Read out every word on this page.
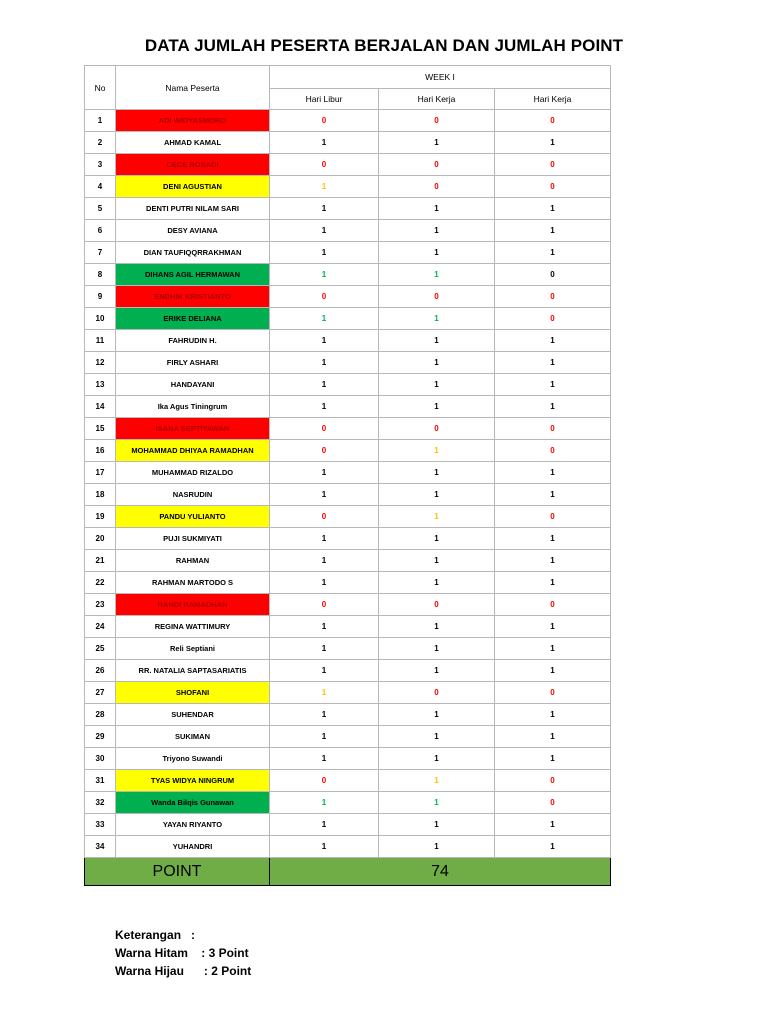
DATA JUMLAH PESERTA BERJALAN DAN JUMLAH POINT
No	Nama Peserta	WEEK I		
		Hari Libur	Hari Kerja	Hari Kerja
1	ADI WIDYASMORO	0	0	0
2	AHMAD KAMAL	1	1	1
3	CECE ROSADI	0	0	0
4	DENI AGUSTIAN	1	0	0
5	DENTI PUTRI NILAM SARI	1	1	1
6	DESY AVIANA	1	1	1
7	DIAN TAUFIQQRRAKHMAN	1	1	1
8	DIHANS AGIL HERMAWAN	1	1	0
9	ENDHIK KRISTIANTO	0	0	0
10	ERIKE DELIANA	1	1	0
11	FAHRUDIN H.	1	1	1
12	FIRLY ASHARI	1	1	1
13	HANDAYANI	1	1	1
14	Ika Agus Tiningrum	1	1	1
15	ISANA SEPTIYAWAN	0	0	0
16	MOHAMMAD DHIYAA RAMADHAN	0	1	0
17	MUHAMMAD RIZALDO	1	1	1
18	NASRUDIN	1	1	1
19	PANDU YULIANTO	0	1	0
20	PUJI SUKMIYATI	1	1	1
21	RAHMAN	1	1	1
22	RAHMAN MARTODO S	1	1	1
23	RANDI RAMADHAN	0	0	0
24	REGINA WATTIMURY	1	1	1
25	Reli Septiani	1	1	1
26	RR. NATALIA SAPTASARIATIS	1	1	1
27	SHOFANI	1	0	0
28	SUHENDAR	1	1	1
29	SUKIMAN	1	1	1
30	Triyono Suwandi	1	1	1
31	TYAS WIDYA NINGRUM	0	1	0
32	Wanda Bilqis Gunawan	1	1	0
33	YAYAN RIYANTO	1	1	1
34	YUHANDRI	1	1	1
POINT		74		
Keterangan   :
Warna Hitam    : 3 Point
Warna Hijau      : 2 Point
